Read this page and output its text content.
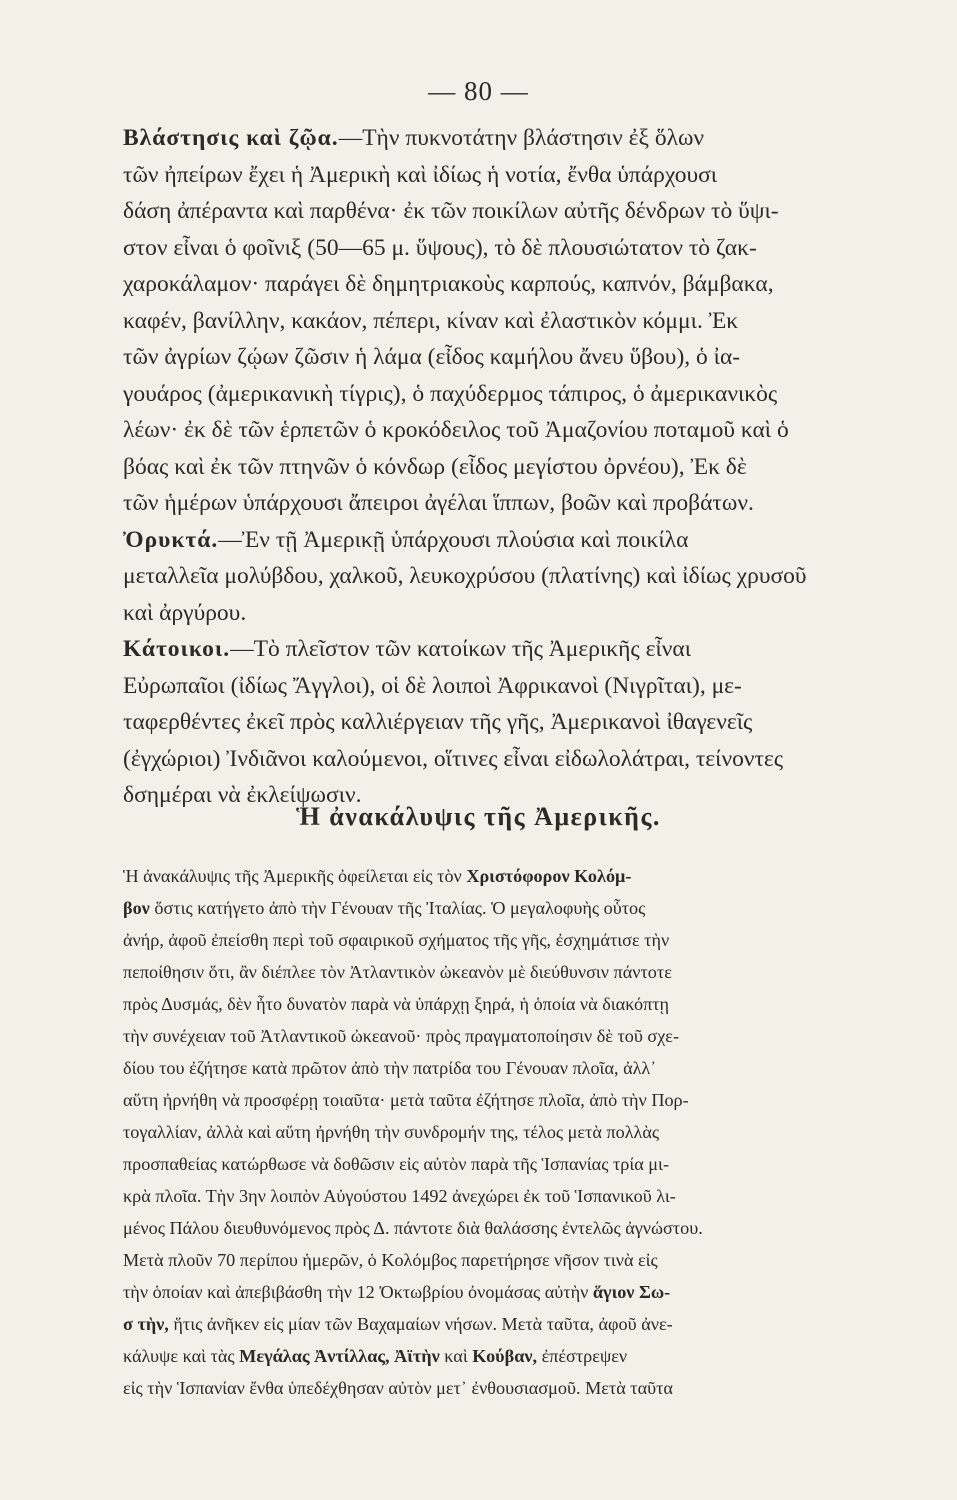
— 80 —
Βλάστησις καὶ ζῷα.—Τὴν πυκνοτάτην βλάστησιν ἐξ ὅλων
τῶν ἠπείρων ἔχει ἡ Ἀμερικὴ καὶ ἰδίως ἡ νοτία, ἔνθα ὑπάρχουσι
δάση ἀπέραντα καὶ παρθένα· ἐκ τῶν ποικίλων αὐτῆς δένδρων τὸ ὕψι-
στον εἶναι ὁ φοῖνιξ (50—65 μ. ὕψους), τὸ δὲ πλουσιώτατον τὸ ζακ-
χαροκάλαμον· παράγει δὲ δημητριακοὺς καρπούς, καπνόν, βάμβακα,
καφέν, βανίλλην, κακάον, πέπερι, κίναν καὶ ἐλαστικὸν κόμμι. Ἐκ
τῶν ἀγρίων ζῴων ζῶσιν ἡ λάμα (εἶδος καμήλου ἄνευ ὕβου), ὁ ἰα-
γουάρος (ἀμερικανικὴ τίγρις), ὁ παχύδερμος τάπιρος, ὁ ἀμερικανικὸς
λέων· ἐκ δὲ τῶν ἑρπετῶν ὁ κροκόδειλος τοῦ Ἀμαζονίου ποταμοῦ καὶ ὁ
βόας καὶ ἐκ τῶν πτηνῶν ὁ κόνδωρ (εἶδος μεγίστου ὀρνέου), Ἐκ δὲ
τῶν ἡμέρων ὑπάρχουσι ἄπειροι ἀγέλαι ἵππων, βοῶν καὶ προβάτων.
Ὀρυκτά.—Ἐν τῇ Ἀμερικῇ ὑπάρχουσι πλούσια καὶ ποικίλα
μεταλλεῖα μολύβδου, χαλκοῦ, λευκοχρύσου (πλατίνης) καὶ ἰδίως χρυσοῦ
καὶ ἀργύρου.
Κάτοικοι.—Τὸ πλεῖστον τῶν κατοίκων τῆς Ἀμερικῆς εἶναι
Εὐρωπαῖοι (ἰδίως Ἄγγλοι), οἱ δὲ λοιποὶ Ἀφρικανοὶ (Νιγρῖται), με-
ταφερθέντες ἐκεῖ πρὸς καλλιέργειαν τῆς γῆς, Ἀμερικανοὶ ἰθαγενεῖς
(ἐγχώριοι) Ἰνδιᾶνοι καλούμενοι, οἵτινες εἶναι εἰδωλολάτραι, τείνοντες
δσημέραι νὰ ἐκλείψωσιν.
Ἡ ἀνακάλυψις τῆς Ἀμερικῆς.
Ἡ ἀνακάλυψις τῆς Ἀμερικῆς ὀφείλεται εἰς τὸν Χριστόφορον Κολόμ-
βον ὅστις κατήγετο ἀπὸ τὴν Γένουαν τῆς Ἰταλίας. Ὁ μεγαλοφυὴς οὗτος
ἀνήρ, ἀφοῦ ἐπείσθη περὶ τοῦ σφαιρικοῦ σχήματος τῆς γῆς, ἐσχημάτισε τὴν
πεποίθησιν ὅτι, ἂν διέπλεε τὸν Ἀτλαντικὸν ὠκεανὸν μὲ διεύθυνσιν πάντοτε
πρὸς Δυσμάς, δὲν ἦτο δυνατὸν παρὰ νὰ ὑπάρχῃ ξηρά, ἡ ὁποία νὰ διακόπτῃ
τὴν συνέχειαν τοῦ Ἀτλαντικοῦ ὠκεανοῦ· πρὸς πραγματοποίησιν δὲ τοῦ σχε-
δίου του ἐζήτησε κατὰ πρῶτον ἀπὸ τὴν πατρίδα του Γένουαν πλοῖα, ἀλλ᾽
αὕτη ἠρνήθη νὰ προσφέρῃ τοιαῦτα· μετὰ ταῦτα ἐζήτησε πλοῖα, ἀπὸ τὴν Πορ-
τογαλλίαν, ἀλλὰ καὶ αὕτη ἠρνήθη τὴν συνδρομήν της, τέλος μετὰ πολλὰς
προσπαθείας κατώρθωσε νὰ δοθῶσιν εἰς αὐτὸν παρὰ τῆς Ἱσπανίας τρία μι-
κρὰ πλοῖα. Τὴν 3ην λοιπὸν Αὐγούστου 1492 ἀνεχώρει ἐκ τοῦ Ἱσπανικοῦ λι-
μένος Πάλου διευθυνόμενος πρὸς Δ. πάντοτε διὰ θαλάσσης ἐντελῶς ἀγνώστου.
Μετὰ πλοῦν 70 περίπου ἡμερῶν, ὁ Κολόμβος παρετήρησε νῆσον τινὰ εἰς
τὴν ὁποίαν καὶ ἀπεβιβάσθη τὴν 12 Ὀκτωβρίου ὀνομάσας αὐτὴν ἅγιον Σω-
σ τὴν, ἥτις ἀνῆκεν εἰς μίαν τῶν Βαχαμαίων νήσων. Μετὰ ταῦτα, ἀφοῦ ἀνε-
κάλυψε καὶ τὰς Μεγάλας Ἀντίλλας, Ἀϊτὴν καὶ Κούβαν, ἐπέστρεψεν
εἰς τὴν Ἱσπανίαν ἔνθα ὑπεδέχθησαν αὐτὸν μετ᾽ ἐνθουσιασμοῦ. Μετὰ ταῦτα
